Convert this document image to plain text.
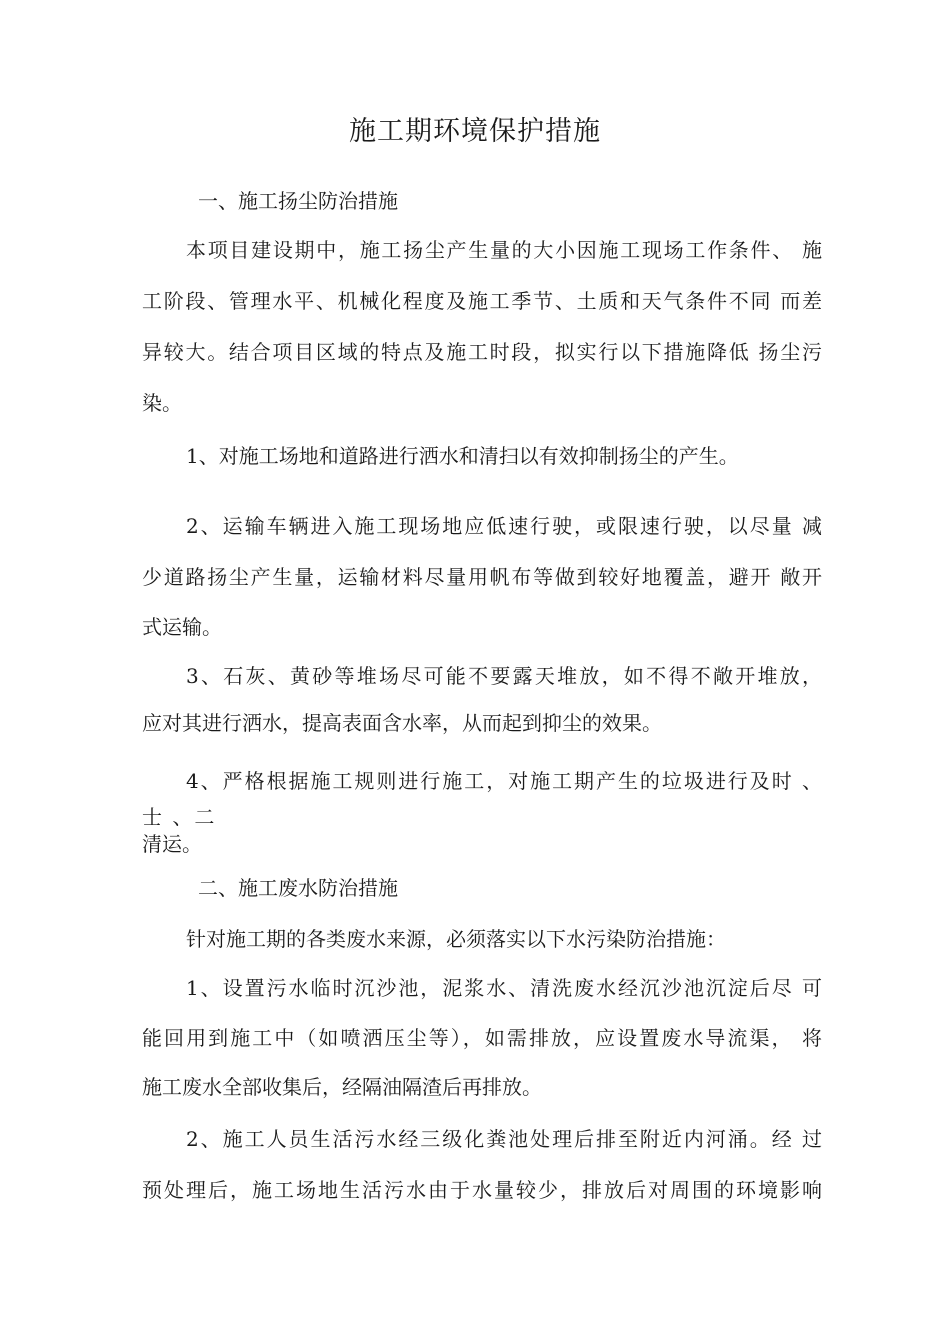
施工期环境保护措施
一、施工扬尘防治措施
本项目建设期中，施工扬尘产生量的大小因施工现场工作条件、 施
工阶段、管理水平、机械化程度及施工季节、土质和天气条件不同 而差
异较大。结合项目区域的特点及施工时段，拟实行以下措施降低 扬尘污
染。
1、对施工场地和道路进行洒水和清扫以有效抑制扬尘的产生。
2、运输车辆进入施工现场地应低速行驶，或限速行驶，以尽量 减
少道路扬尘产生量，运输材料尽量用帆布等做到较好地覆盖，避开 敞开
式运输。
3、石灰、黄砂等堆场尽可能不要露天堆放，如不得不敞开堆放，
应对其进行洒水，提高表面含水率，从而起到抑尘的效果。
4、严格根据施工规则进行施工，对施工期产生的垃圾进行及时 、
士 、二
清运。
二、施工废水防治措施
针对施工期的各类废水来源，必须落实以下水污染防治措施：
1、设置污水临时沉沙池，泥浆水、清洗废水经沉沙池沉淀后尽 可
能回用到施工中（如喷洒压尘等），如需排放，应设置废水导流渠， 将
施工废水全部收集后，经隔油隔渣后再排放。
2、施工人员生活污水经三级化粪池处理后排至附近内河涌。经 过
预处理后，施工场地生活污水由于水量较少，排放后对周围的环境影响
